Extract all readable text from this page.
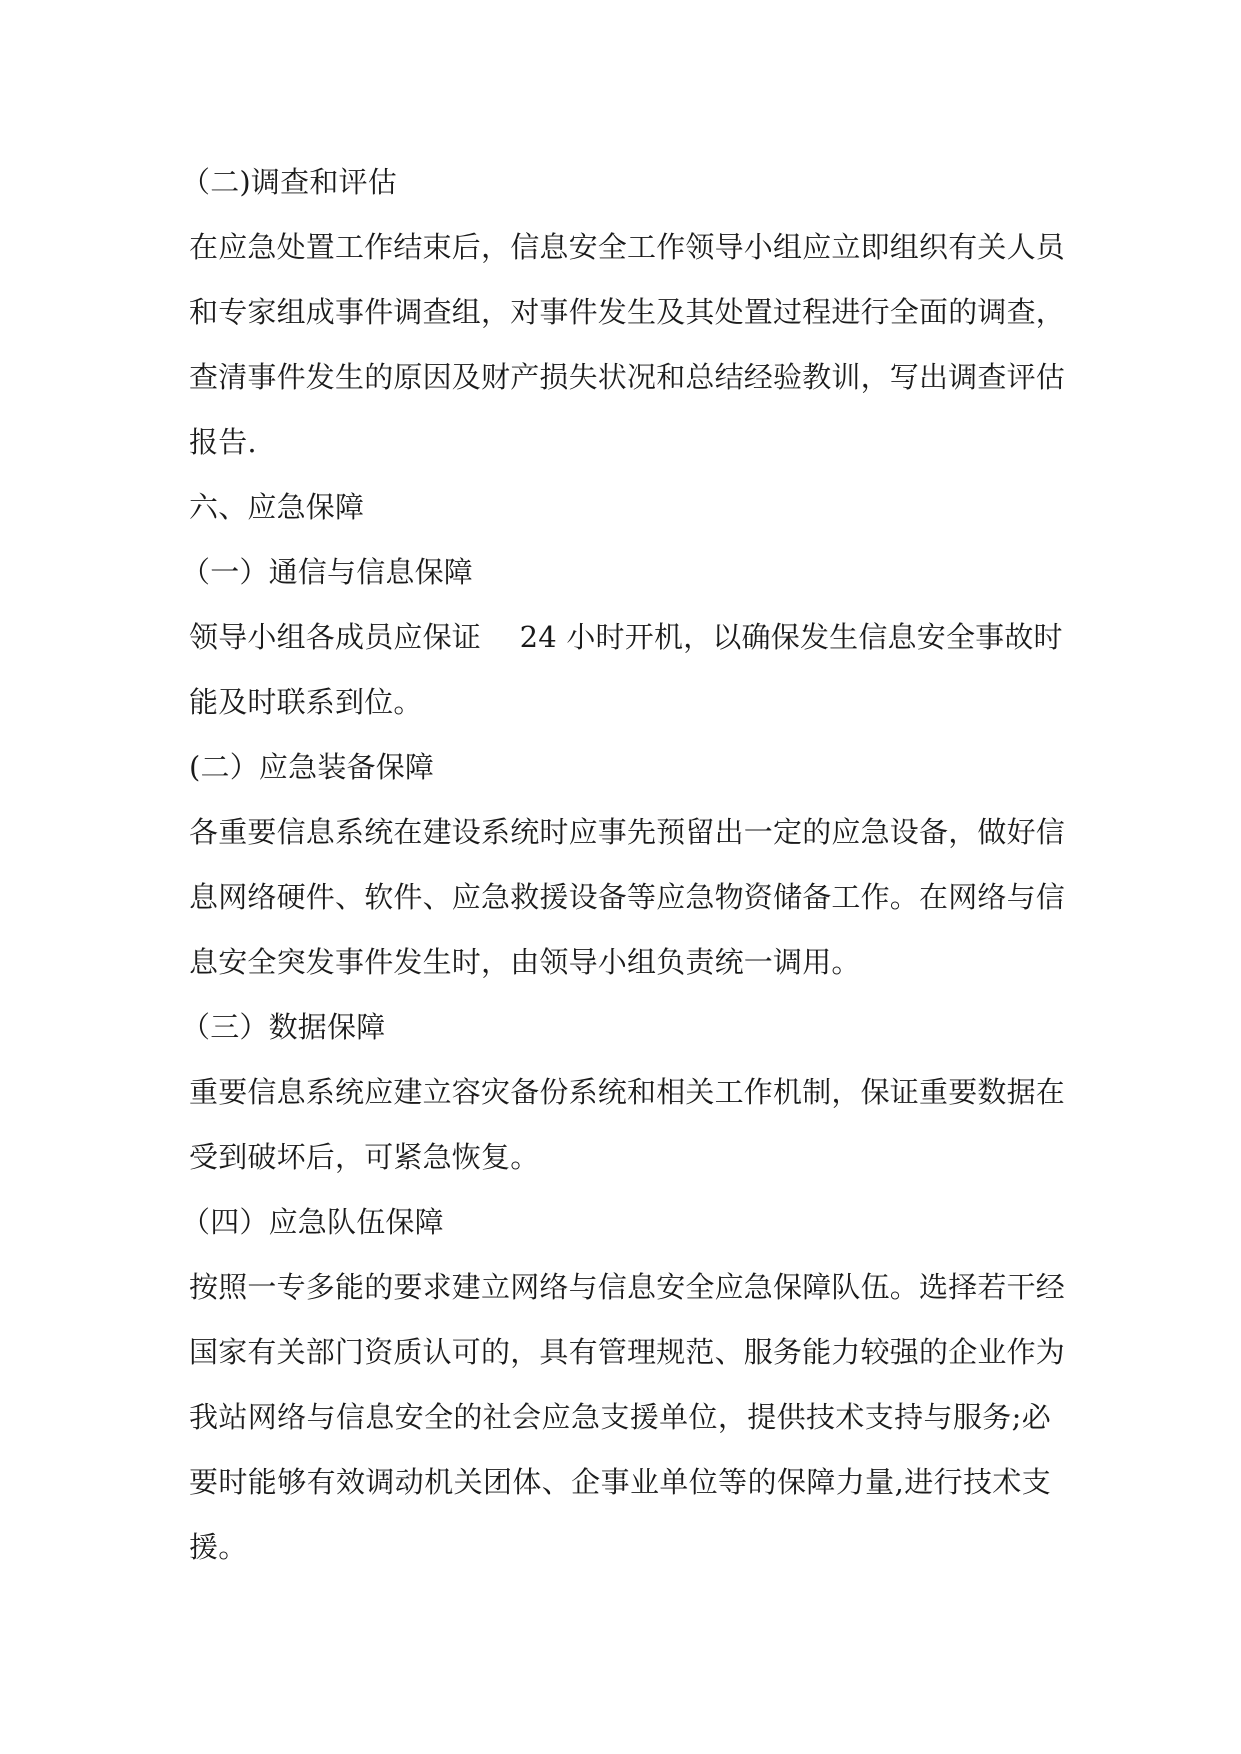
（二)调查和评估
在应急处置工作结束后，信息安全工作领导小组应立即组织有关人员
和专家组成事件调查组，对事件发生及其处置过程进行全面的调查，
查清事件发生的原因及财产损失状况和总结经验教训，写出调查评估
报告.
六、应急保障
（一）通信与信息保障
领导小组各成员应保证　 24 小时开机，以确保发生信息安全事故时
能及时联系到位。
(二）应急装备保障
各重要信息系统在建设系统时应事先预留出一定的应急设备，做好信
息网络硬件、软件、应急救援设备等应急物资储备工作。在网络与信
息安全突发事件发生时，由领导小组负责统一调用。
（三）数据保障
重要信息系统应建立容灾备份系统和相关工作机制，保证重要数据在
受到破坏后，可紧急恢复。
（四）应急队伍保障
按照一专多能的要求建立网络与信息安全应急保障队伍。选择若干经
国家有关部门资质认可的，具有管理规范、服务能力较强的企业作为
我站网络与信息安全的社会应急支援单位，提供技术支持与服务;必
要时能够有效调动机关团体、企事业单位等的保障力量,进行技术支
援。
